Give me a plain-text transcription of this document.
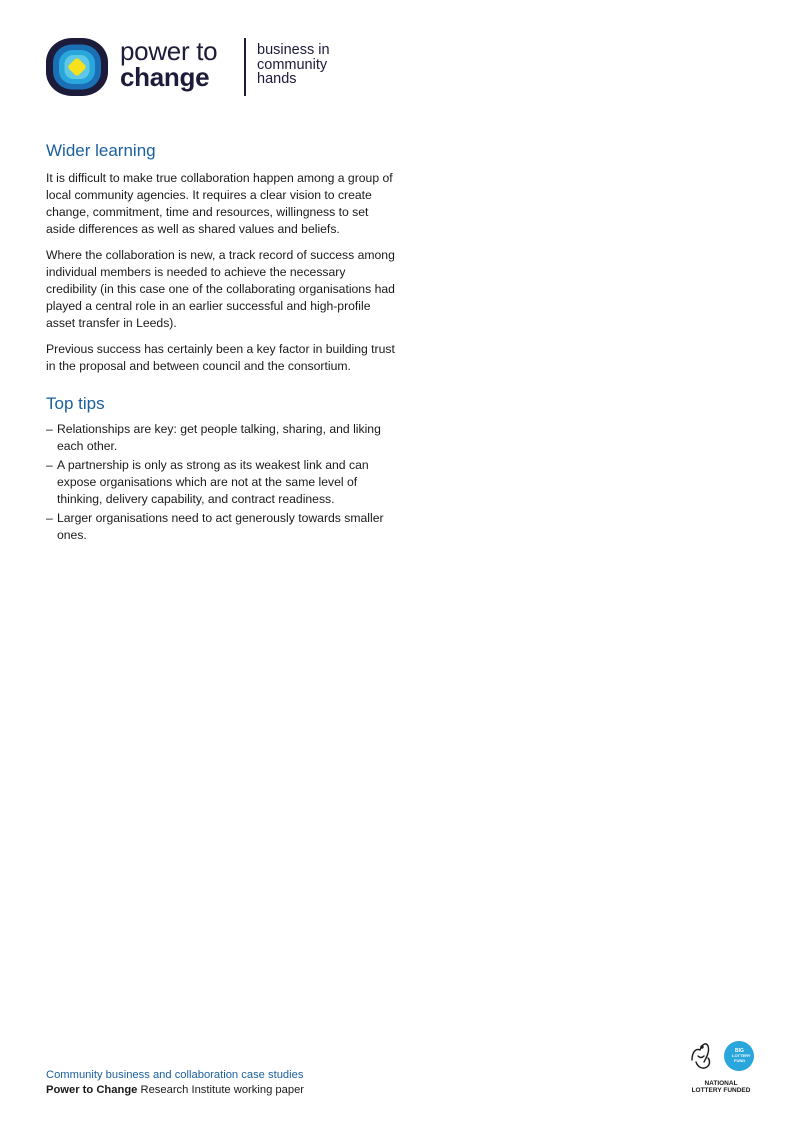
power to
change
business in
community
hands
Wider learning

It is difficult to make true collaboration happen among a group of local community agencies. It requires a clear vision to create change, commitment, time and resources, willingness to set aside differences as well as shared values and beliefs.

Where the collaboration is new, a track record of success among individual members is needed to achieve the necessary credibility (in this case one of the collaborating organisations had played a central role in an earlier successful and high-profile asset transfer in Leeds).

Previous success has certainly been a key factor in building trust in the proposal and between council and the consortium.

Top tips
– Relationships are key: get people talking, sharing, and liking each other.
– A partnership is only as strong as its weakest link and can expose organisations which are not at the same level of thinking, delivery capability, and contract readiness.
– Larger organisations need to act generously towards smaller ones.
Community business and collaboration case studies
Power to Change Research Institute working paper
BIG
LOTTERY
FUND
NATIONAL
LOTTERY FUNDED
